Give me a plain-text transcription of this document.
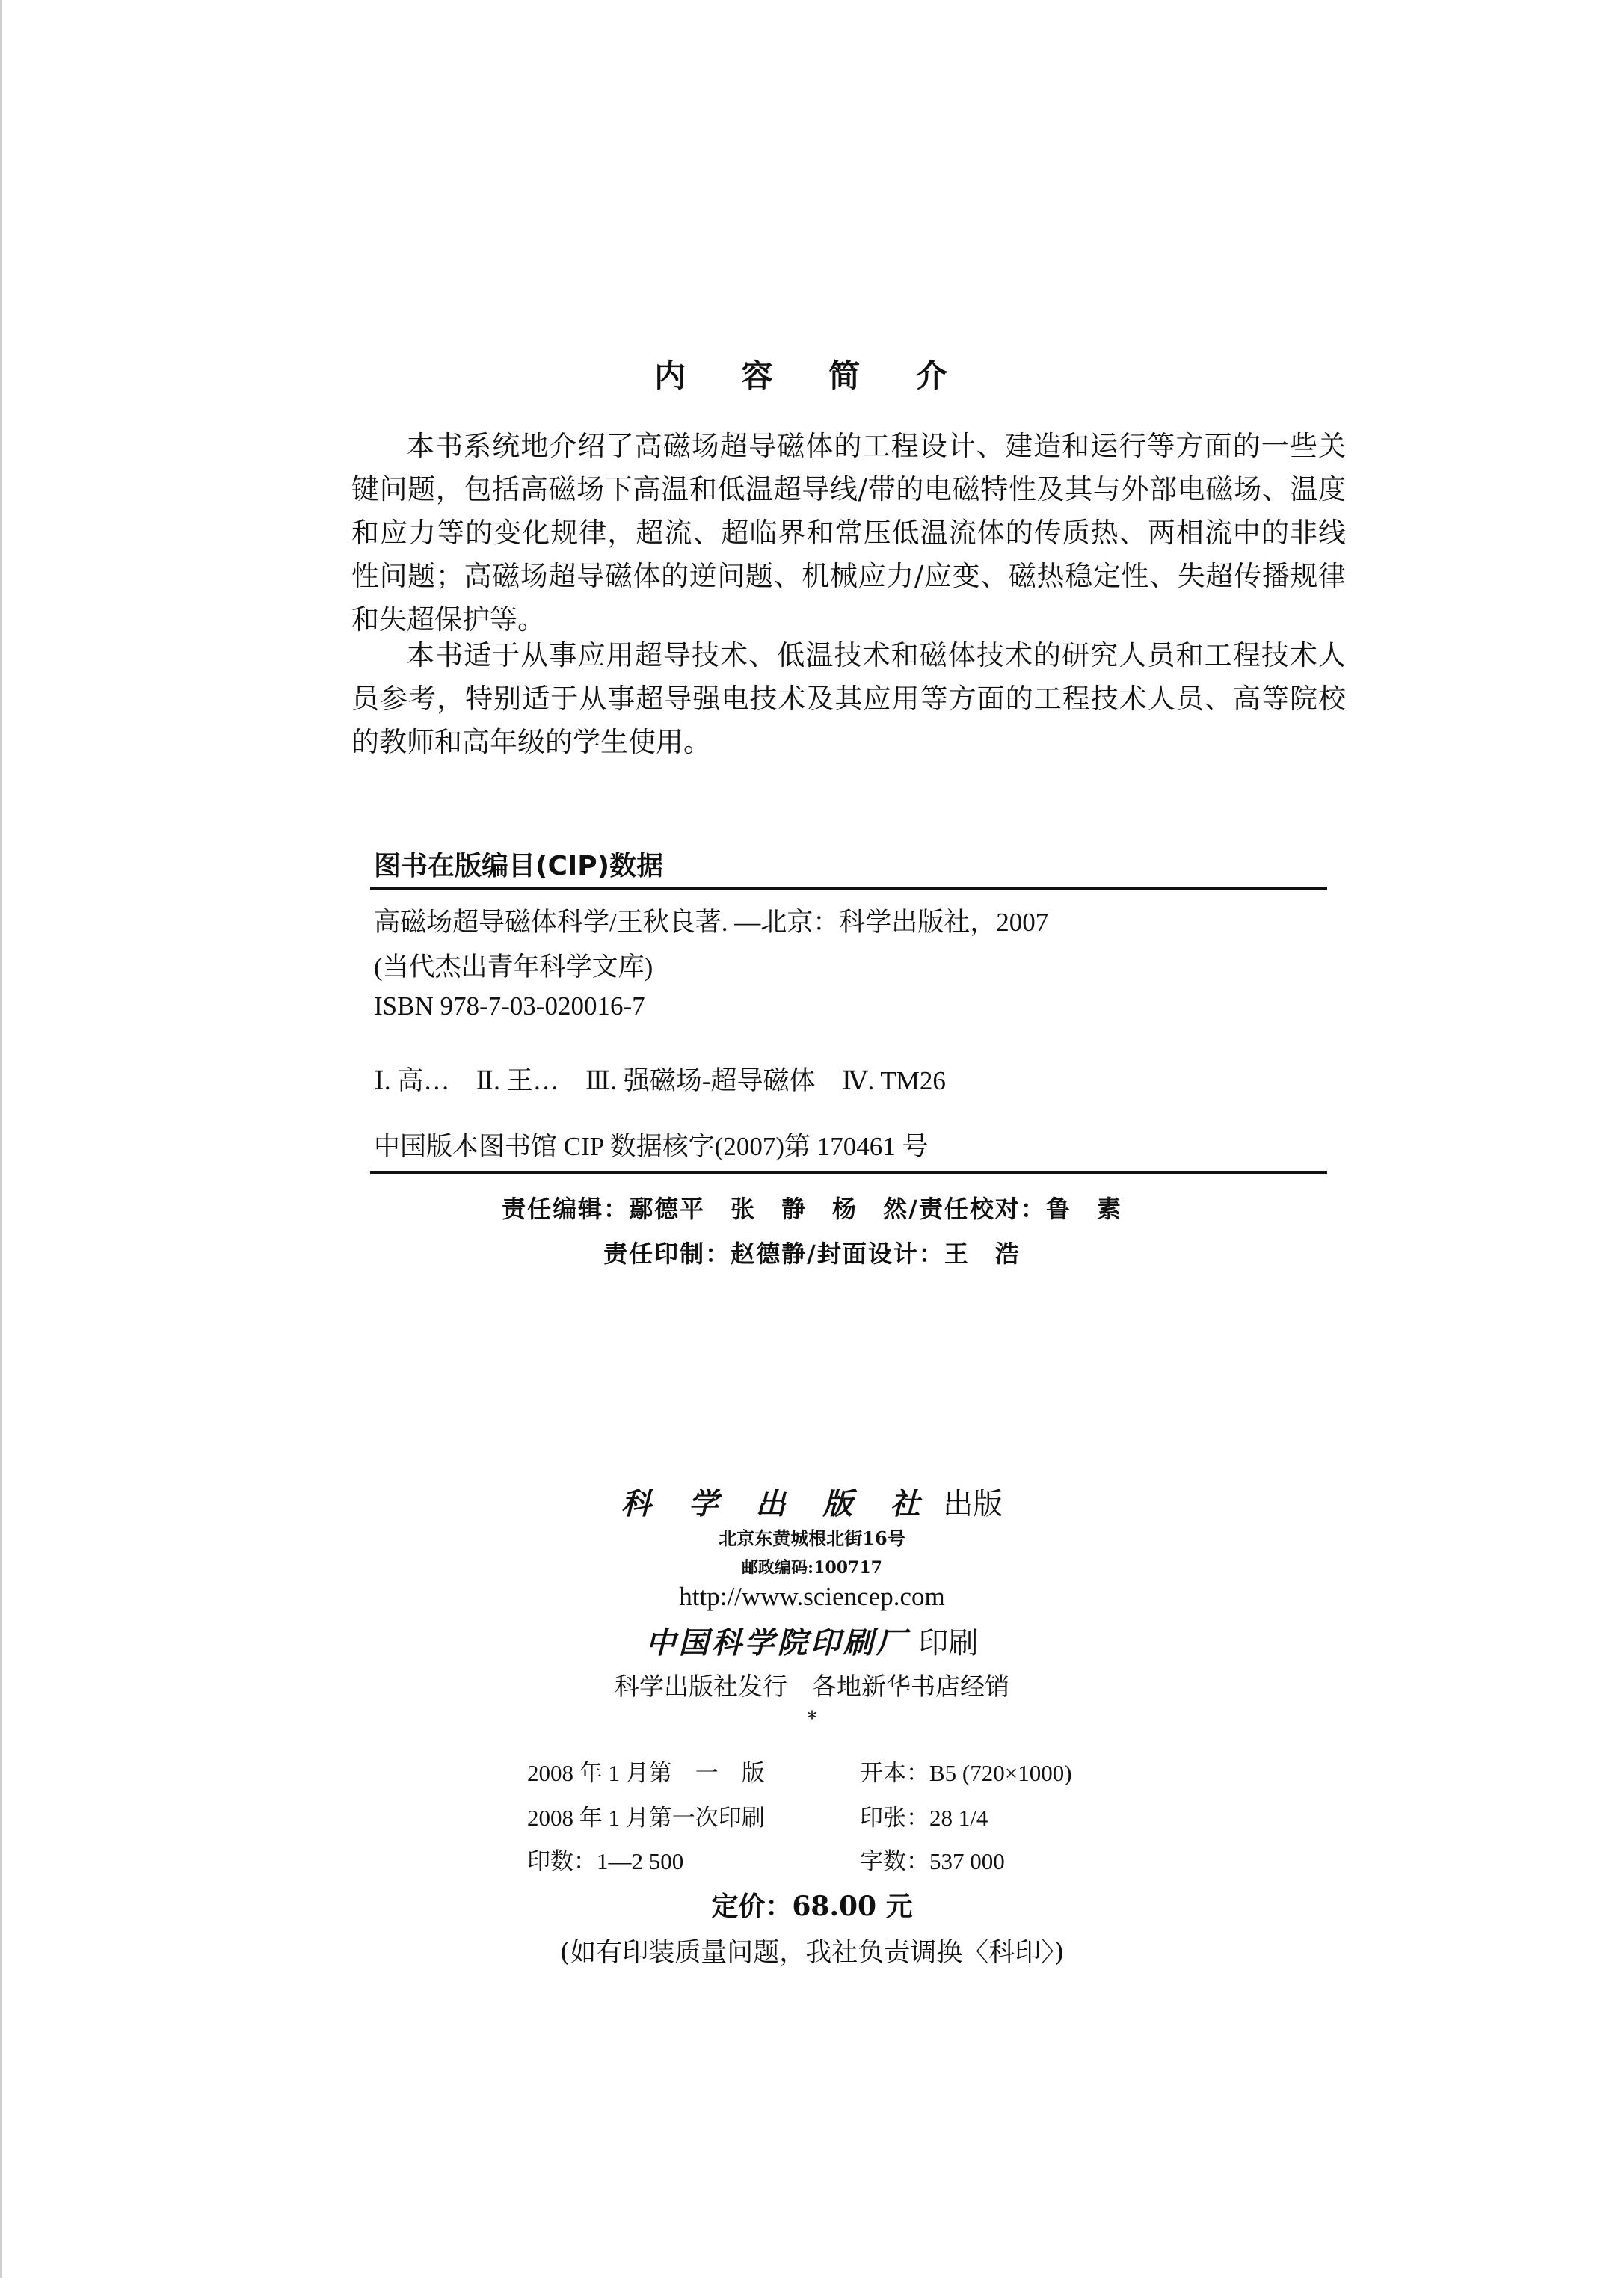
内 容 简 介
本书系统地介绍了高磁场超导磁体的工程设计、建造和运行等方面的一些关键问题，包括高磁场下高温和低温超导线/带的电磁特性及其与外部电磁场、温度和应力等的变化规律，超流、超临界和常压低温流体的传质热、两相流中的非线性问题；高磁场超导磁体的逆问题、机械应力/应变、磁热稳定性、失超传播规律和失超保护等。
本书适于从事应用超导技术、低温技术和磁体技术的研究人员和工程技术人员参考，特别适于从事超导强电技术及其应用等方面的工程技术人员、高等院校的教师和高年级的学生使用。
图书在版编目(CIP)数据
高磁场超导磁体科学/王秋良著. —北京：科学出版社，2007
(当代杰出青年科学文库)
ISBN 978-7-03-020016-7
Ⅰ. 高…　Ⅱ. 王…　Ⅲ. 强磁场-超导磁体　Ⅳ. TM26
中国版本图书馆 CIP 数据核字(2007)第 170461 号
责任编辑：鄢德平　张　静　杨　然/责任校对：鲁　素
责任印制：赵德静/封面设计：王　浩
科 学 出 版 社 出版
北京东黄城根北街16号
邮政编码:100717
http://www.sciencep.com
中国科学院印刷厂 印刷
科学出版社发行　各地新华书店经销
*
2008 年 1 月第　一　版	开本：B5 (720×1000)
2008 年 1 月第一次印刷	印张：28 1/4
印数：1—2 500	字数：537 000
定价：68.00 元
(如有印装质量问题，我社负责调换〈科印〉)
